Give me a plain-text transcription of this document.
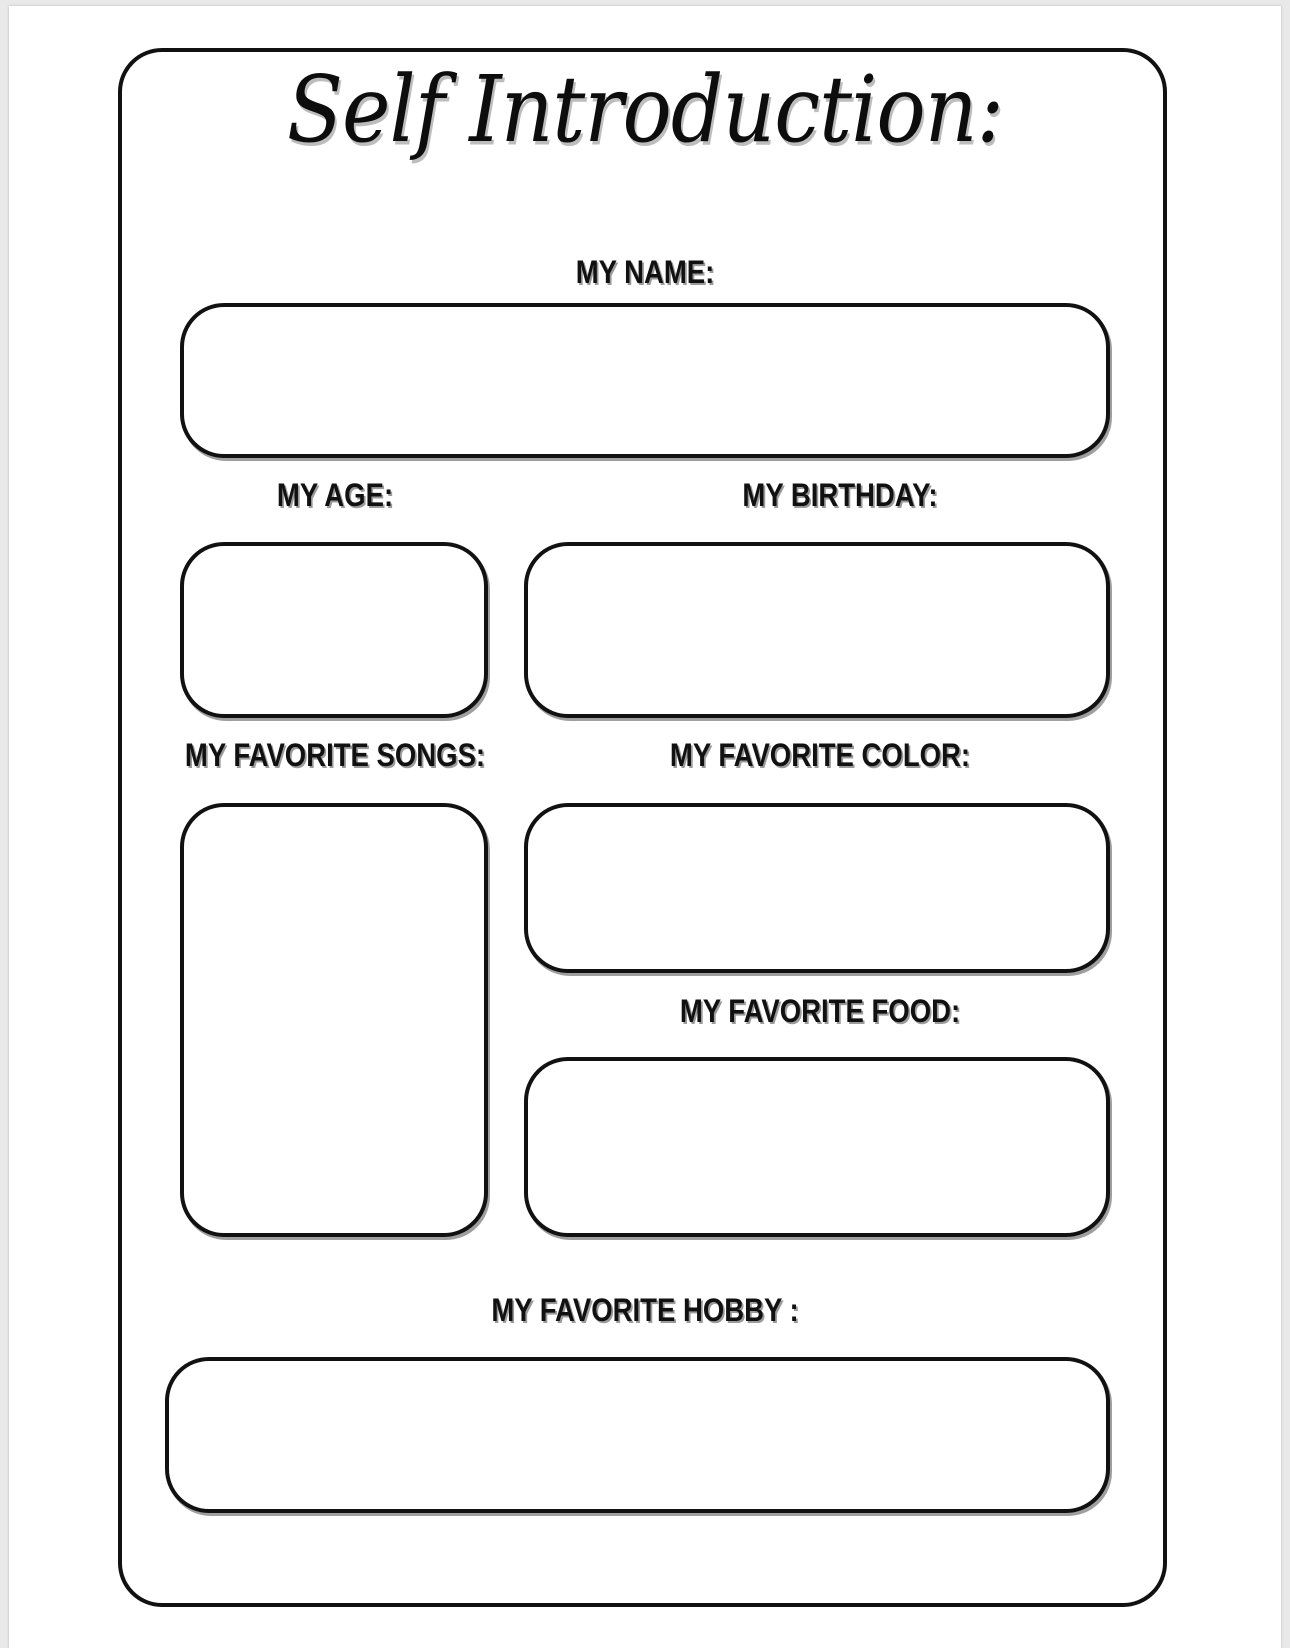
Self Introduction:
MY NAME:
MY AGE:	MY BIRTHDAY:
MY FAVORITE SONGS:	MY FAVORITE COLOR:
MY FAVORITE FOOD:
MY FAVORITE HOBBY :
